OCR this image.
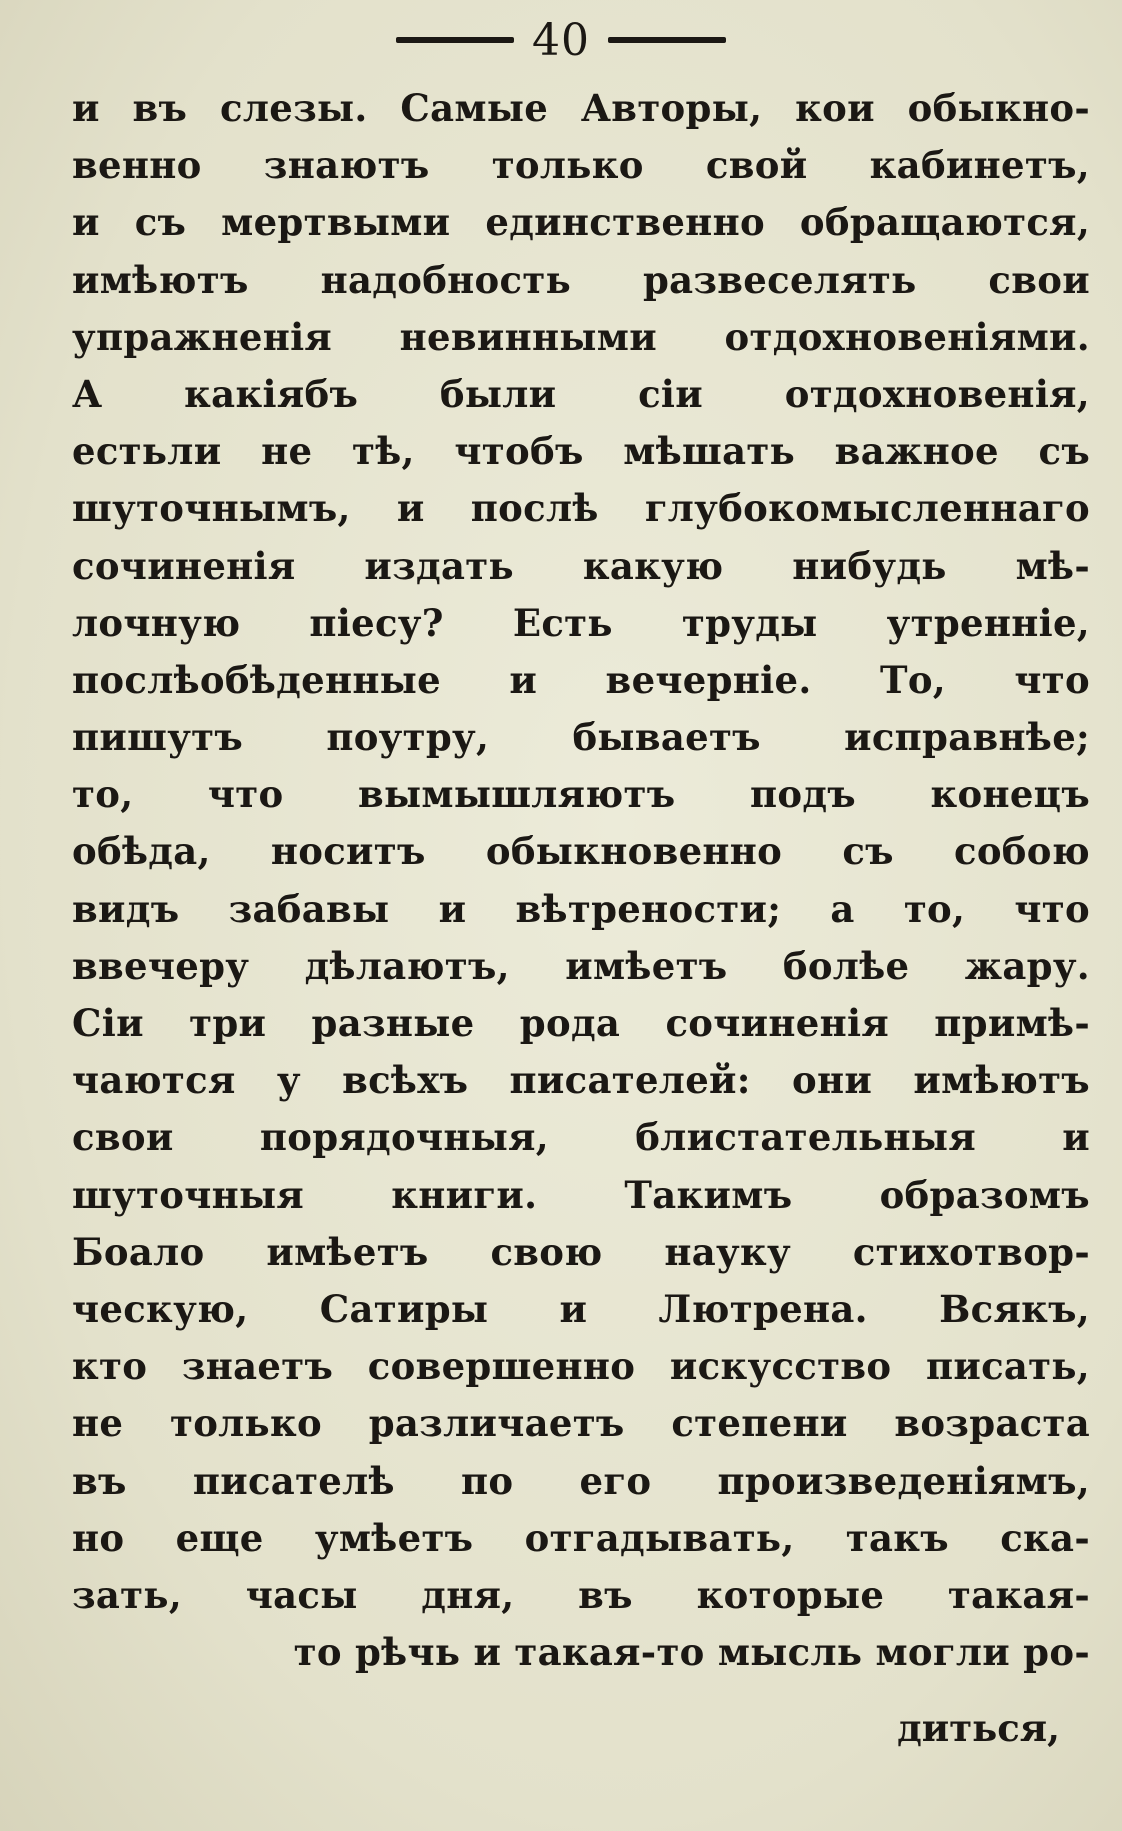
40
и въ слезы. Самые Авторы, кои обыкно-
венно знаютъ только свой кабинетъ,
и съ мертвыми единственно обращаются,
имѣютъ надобность развеселять свои
упражненія невинными отдохновеніями.
А какіябъ были сіи отдохновенія,
естьли не тѣ, чтобъ мѣшать важное съ
шуточнымъ, и послѣ глубокомысленнаго
сочиненія издать какую нибудь мѣ-
лочную піесу? Есть труды утренніе,
послѣобѣденные и вечерніе. То, что
пишутъ поутру, бываетъ исправнѣе;
то, что вымышляютъ подъ конецъ
обѣда, носитъ обыкновенно съ собою
видъ забавы и вѣтрености; а то, что
ввечеру дѣлаютъ, имѣетъ болѣе жару.
Сіи три разные рода сочиненія примѣ-
чаются у всѣхъ писателей: они имѣютъ
свои порядочныя, блистательныя и
шуточныя книги. Такимъ образомъ
Боало имѣетъ свою науку стихотвор-
ческую, Сатиры и Лютрена. Всякъ,
кто знаетъ совершенно искусство писать,
не только различаетъ степени возраста
въ писателѣ по его произведеніямъ,
но еще умѣетъ отгадывать, такъ ска-
зать, часы дня, въ которые такая-
то рѣчь и такая-то мысль могли ро-
диться,
